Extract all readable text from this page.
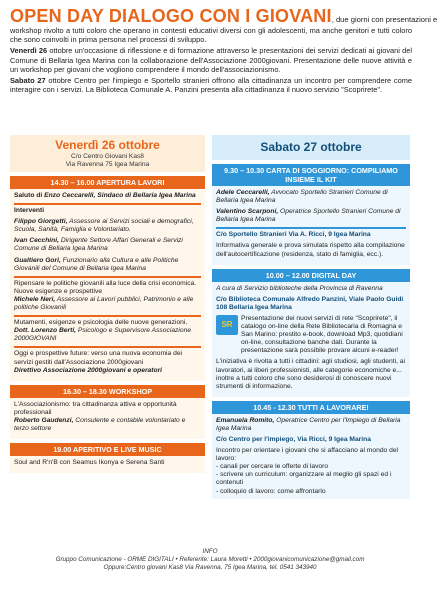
OPEN DAY DIALOGO CON I GIOVANI, due giorni con presentazioni e
workshop rivolto a tutti coloro che operano in contesti educativi diversi con gli adolescenti, ma anche genitori e tutti coloro che sono coinvolti in prima persona nel processi di sviluppo.
Venerdì 26 ottobre un'occasione di riflessione e di formazione attraverso le presentazioni dei servizi dedicati ai giovani del Comune di Bellaria Igea Marina con la collaborazione dell'Associazione 2000giovani. Presentazione delle nuove attività e un workshop per giovani che vogliono comprendere il mondo dell'associazionismo.
Sabato 27 ottobre Centro per l'impiego e Sportello stranieri offrono alla cittadinanza un incontro per comprendere come interagire con i servizi. La Biblioteca Comunale A. Panzini presenta alla cittadinanza il nuovo servizio "Scoprirete".
Venerdì 26 ottobre
C/o Centro Giovani Kas8
Via Ravenna 75 Igea Marina
14.30 – 16.00 APERTURA LAVORI

Saluto di Enzo Ceccarelli, Sindaco di Bellaria Igea Marina

Interventi

Filippo Giorgetti, Assessore ai Servizi sociali e demografici, Scuola, Sanità, Famiglia e Volontariato.

Ivan Cecchini, Dirigente Settore Affari Generali e Servizi Comune di Bellaria Igea Marina

Gualtiero Gori, Funzionario alla Cultura e alle Politiche Giovanili del Comune di Bellaria Igea Marina

Ripensare le politiche giovanili alla luce della crisi economica. Nuove esigenze e prospettive
Michele Neri, Assessore ai Lavori pubblici, Patrimonio e alle politiche Giovanili

Mutamenti, esigenze e psicologia delle nuove generazioni.
Dott. Lorenzo Berti, Psicologo e Supervisore Associazione 2000GIOVANI

Oggi e prospettive future: verso una nuova economia dei servizi gestiti dall'Associazione 2000giovani
Direttivo Associazione 2000giovani e operatori

16.30 – 18.30 WORKSHOP

L'Associazionismo: tra cittadinanza attiva e opportunità professionali
Roberto Gaudenzi, Consulente e contabile volontariato e terzo settore

19.00 APERITIVO E LIVE MUSIC

Soul and R'n'B con Seamus Ikonya e Serena Santi

Sabato 27 ottobre
9.30 – 10.30 CARTA DI SOGGIORNO: COMPILIAMO INSIEME IL KIT

Adele Ceccarelli, Avvocato Sportello Stranieri Comune di Bellaria Igea Marina

Valentino Scarponi, Operatrice Sportello Stranieri Comune di Bellaria Igea Marina

C/o Sportello Stranieri Via A. Ricci, 9 Igea Marina

Informativa generale e prova simulata rispetto alla compilazione dell'autocertificazione (residenza, stato di famiglia, ecc.).

10.00 – 12.00 DIGITAL DAY

A cura di Servizio biblioteche della Provincia di Ravenna

C/o Biblioteca Comunale Alfredo Panzini, Viale Paolo Guidi 108 Bellaria Igea Marina

SR

Presentazione dei nuovi servizi di rete "Scoprirete", il catalogo on-line della Rete Bibliotecaria di Romagna e San Marino: prestito e-book, download Mp3, quotidiani on-line, consultazione banche dati. Durante la presentazione sarà possibile provare alcuni e-reader!

L'iniziativa è rivolta a tutti i cittadini: agli studiosi, agli studenti, ai lavoratori, ai liberi professionisti, alle categorie economiche e... inoltre a tutti coloro che sono desiderosi di conoscere nuovi strumenti di informazione.

10.45 - 12.30 TUTTI A LAVORARE!

Emanuela Romito, Operatrice Centro per l'Impiego di Bellaria Igea Marina

C/o Centro per l'impiego, Via Ricci, 9 Igea Marina

Incontro per orientare i giovani che si affacciano al mondo del lavoro:

- canali per cercare le offerte di lavoro
- scrivere un curriculum: organizzare al meglio gli spazi ed i contenuti
- colloquio di lavoro: come affrontarlo
INFO
Gruppo Comunicazione - ORME DIGITALI • Referente: Laura Moretti • 2000giovanicomunicazione@gmail.com
Oppure:Centro giovani Kas8 Via Ravenna, 75 Igea Marina, tel. 0541 343940
